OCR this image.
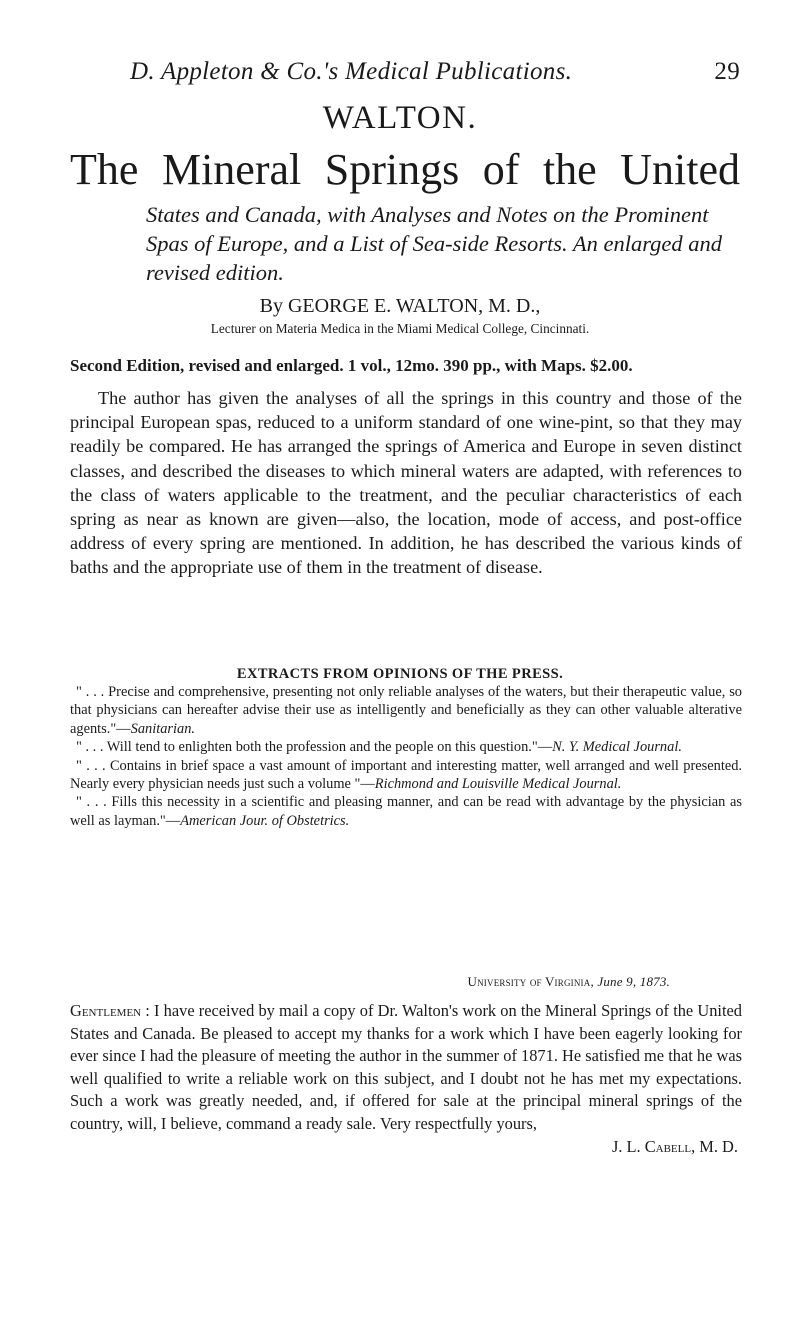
D. Appleton & Co.'s Medical Publications.	29
WALTON.
The Mineral Springs of the United
States and Canada, with Analyses and Notes on the Prominent Spas of Europe, and a List of Sea-side Resorts. An enlarged and revised edition.
By GEORGE E. WALTON, M. D.,
Lecturer on Materia Medica in the Miami Medical College, Cincinnati.
Second Edition, revised and enlarged. 1 vol., 12mo. 390 pp., with Maps. $2.00.

The author has given the analyses of all the springs in this country and those of the principal European spas, reduced to a uniform standard of one wine-pint, so that they may readily be compared. He has arranged the springs of America and Europe in seven distinct classes, and described the diseases to which mineral waters are adapted, with references to the class of waters applicable to the treatment, and the peculiar characteristics of each spring as near as known are given—also, the location, mode of access, and post-office address of every spring are mentioned. In addition, he has described the various kinds of baths and the appropriate use of them in the treatment of disease.

EXTRACTS FROM OPINIONS OF THE PRESS.

" . . . Precise and comprehensive, presenting not only reliable analyses of the waters, but their therapeutic value, so that physicians can hereafter advise their use as intelligently and beneficially as they can other valuable alterative agents."—Sanitarian.

" . . . Will tend to enlighten both the profession and the people on this question."—N. Y. Medical Journal.

" . . . Contains in brief space a vast amount of important and interesting matter, well arranged and well presented. Nearly every physician needs just such a volume "—Richmond and Louisville Medical Journal.

" . . . Fills this necessity in a scientific and pleasing manner, and can be read with advantage by the physician as well as layman."—American Jour. of Obstetrics.

University of Virginia, June 9, 1873.

Gentlemen : I have received by mail a copy of Dr. Walton's work on the Mineral Springs of the United States and Canada. Be pleased to accept my thanks for a work which I have been eagerly looking for ever since I had the pleasure of meeting the author in the summer of 1871. He satisfied me that he was well qualified to write a reliable work on this subject, and I doubt not he has met my expectations. Such a work was greatly needed, and, if offered for sale at the principal mineral springs of the country, will, I believe, command a ready sale. Very respectfully yours,

J. L. Cabell, M. D.
